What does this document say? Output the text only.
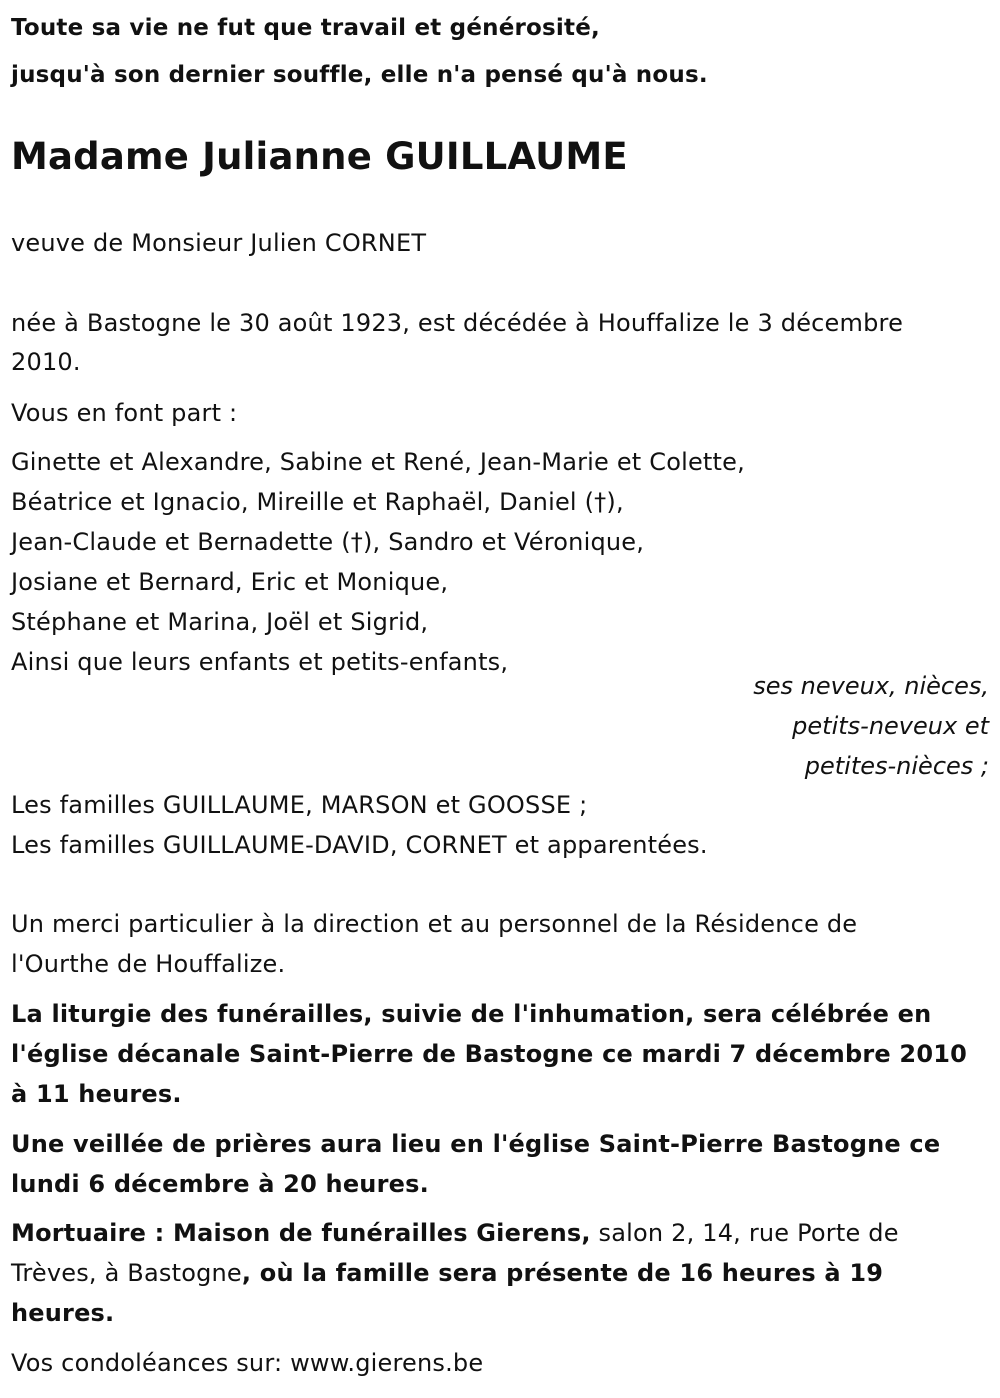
Toute sa vie ne fut que travail et générosité,
jusqu'à son dernier souffle, elle n'a pensé qu'à nous.
Madame Julianne GUILLAUME
veuve de Monsieur Julien CORNET
née à Bastogne le 30 août 1923, est décédée à Houffalize le 3 décembre
2010.
Vous en font part :
Ginette et Alexandre, Sabine et René, Jean-Marie et Colette,
Béatrice et Ignacio, Mireille et Raphaël, Daniel (†),
Jean-Claude et Bernadette (†), Sandro et Véronique,
Josiane et Bernard, Eric et Monique,
Stéphane et Marina, Joël et Sigrid,
Ainsi que leurs enfants et petits-enfants,
ses neveux, nièces,
petits-neveux et
petites-nièces ;
Les familles GUILLAUME, MARSON et GOOSSE ;
Les familles GUILLAUME-DAVID, CORNET et apparentées.
Un merci particulier à la direction et au personnel de la Résidence de
l'Ourthe de Houffalize.
La liturgie des funérailles, suivie de l'inhumation, sera célébrée en
l'église décanale Saint-Pierre de Bastogne ce mardi 7 décembre 2010
à 11 heures.
Une veillée de prières aura lieu en l'église Saint-Pierre Bastogne ce
lundi 6 décembre à 20 heures.
Mortuaire : Maison de funérailles Gierens, salon 2, 14, rue Porte de
Trèves, à Bastogne, où la famille sera présente de 16 heures à 19
heures.
Vos condoléances sur: www.gierens.be
